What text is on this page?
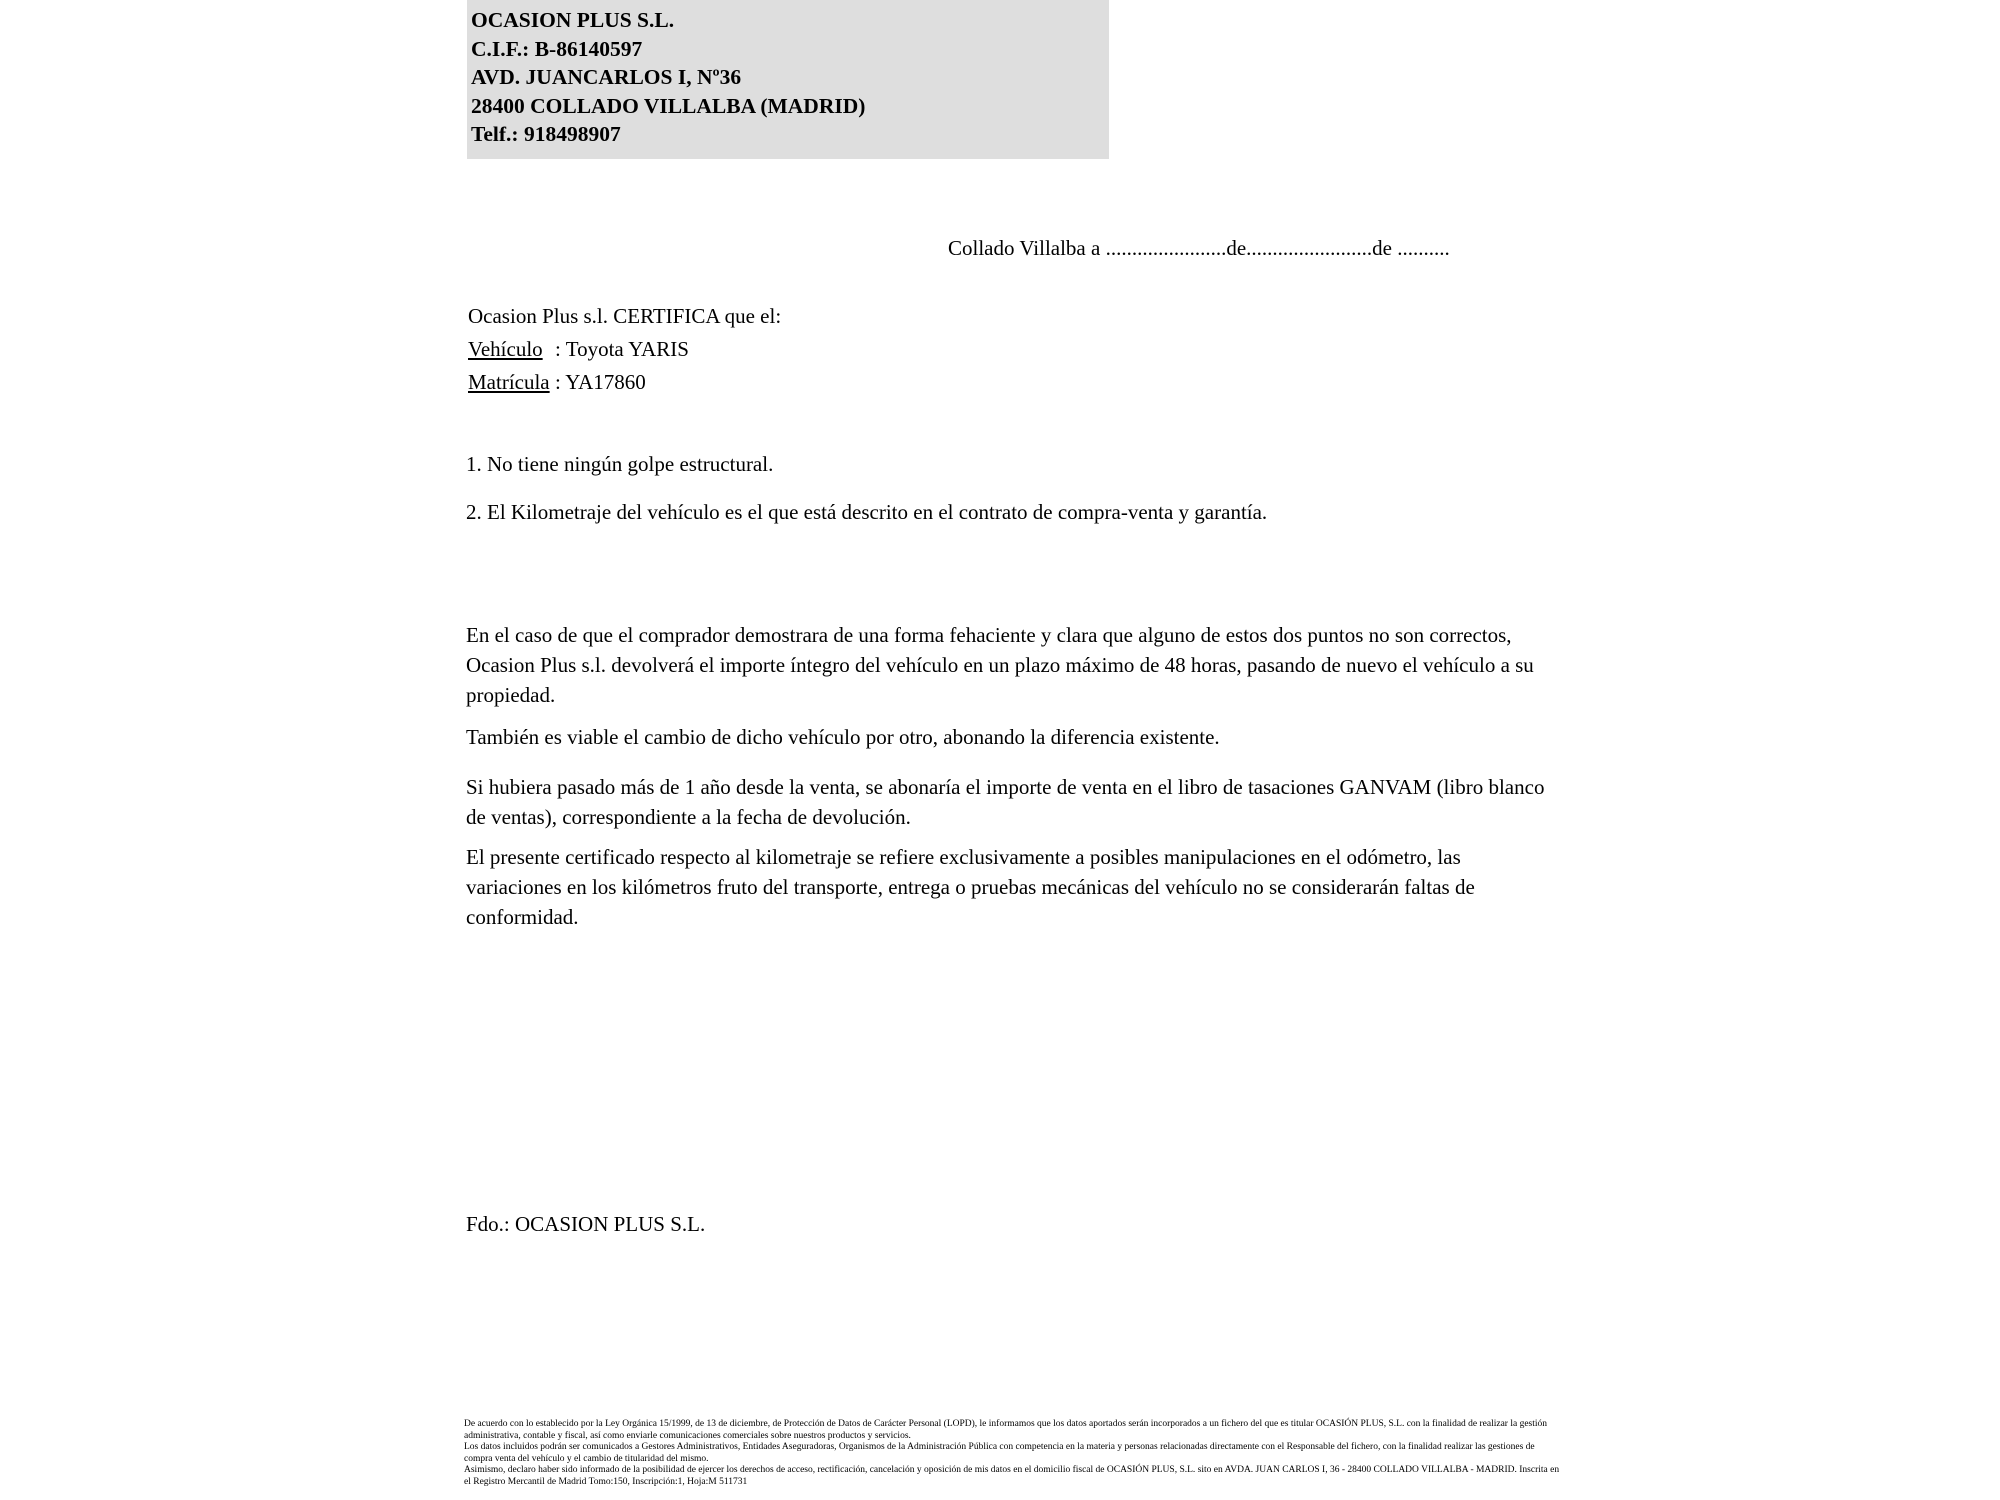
OCASION PLUS S.L.
C.I.F.: B-86140597
AVD. JUANCARLOS I, Nº36
28400 COLLADO VILLALBA (MADRID)
Telf.: 918498907
Collado Villalba a .......................de........................de ..........
Ocasion Plus s.l. CERTIFICA que el:
Vehículo : Toyota YARIS
Matrícula : YA17860
1. No tiene ningún golpe estructural.
2. El Kilometraje del vehículo es el que está descrito en el contrato de compra-venta y garantía.
En el caso de que el comprador demostrara de una forma fehaciente y clara que alguno de estos dos puntos no son correctos, Ocasion Plus s.l. devolverá el importe íntegro del vehículo en un plazo máximo de 48 horas, pasando de nuevo el vehículo a su propiedad.
También es viable el cambio de dicho vehículo por otro, abonando la diferencia existente.
Si hubiera pasado más de 1 año desde la venta, se abonaría el importe de venta en el libro de tasaciones GANVAM (libro blanco de ventas), correspondiente a la fecha de devolución.
El presente certificado respecto al kilometraje se refiere exclusivamente a posibles manipulaciones en el odómetro, las variaciones en los kilómetros fruto del transporte, entrega o pruebas mecánicas del vehículo no se considerarán faltas de conformidad.
Fdo.: OCASION PLUS S.L.

De acuerdo con lo establecido por la Ley Orgánica 15/1999, de 13 de diciembre, de Protección de Datos de Carácter Personal (LOPD), le informamos que los datos aportados serán incorporados a un fichero del que es titular OCASIÓN PLUS, S.L. con la finalidad de realizar la gestión administrativa, contable y fiscal, así como enviarle comunicaciones comerciales sobre nuestros productos y servicios.

Los datos incluidos podrán ser comunicados a Gestores Administrativos, Entidades Aseguradoras, Organismos de la Administración Pública con competencia en la materia y personas relacionadas directamente con el Responsable del fichero, con la finalidad realizar las gestiones de compra venta del vehículo y el cambio de titularidad del mismo.

Asimismo, declaro haber sido informado de la posibilidad de ejercer los derechos de acceso, rectificación, cancelación y oposición de mis datos en el domicilio fiscal de OCASIÓN PLUS, S.L. sito en AVDA. JUAN CARLOS I, 36 - 28400 COLLADO VILLALBA - MADRID. Inscrita en el Registro Mercantil de Madrid Tomo:150, Inscripción:1, Hoja:M 511731
